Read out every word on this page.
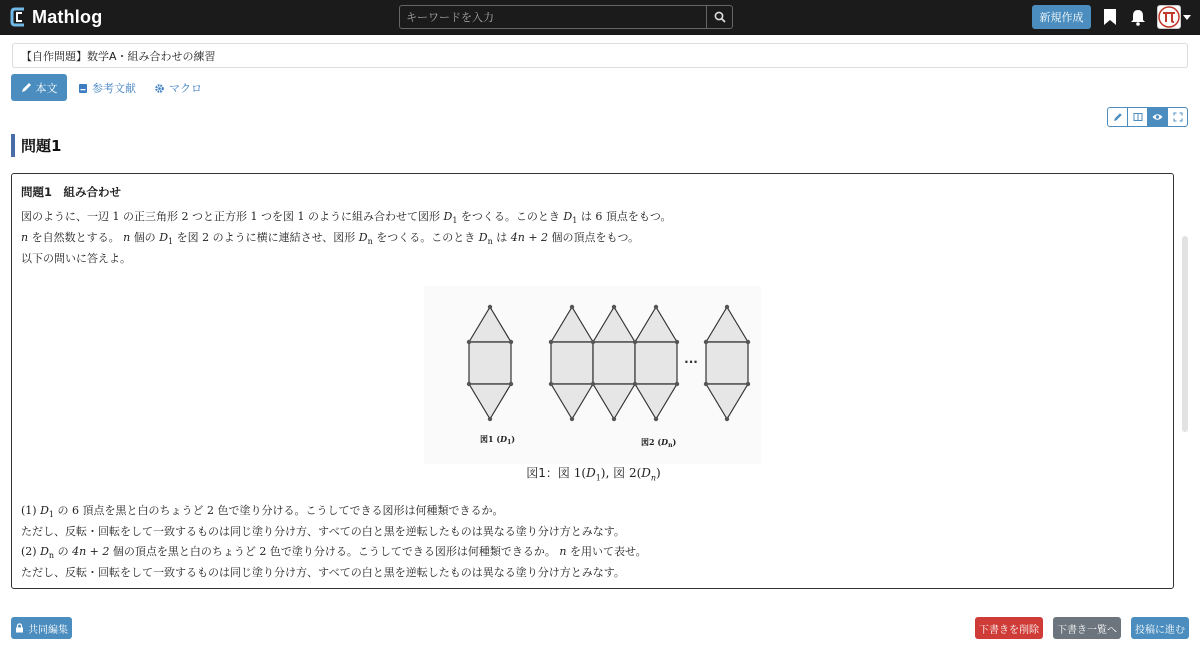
Mathlog
キーワードを入力	新規作成
【自作問題】数学A・組み合わせの練習
本文	参考文献	マクロ
問題1
問題1　組み合わせ
図のように、一辺 1 の正三角形 2 つと正方形 1 つを図 1 のように組み合わせて図形 $D_1$ をつくる。このとき $D_1$ は 6 頂点をもつ。
n を自然数とする。 n 個の $D_1$ を図 2 のように横に連結させ、図形 $D_n$ をつくる。このとき $D_n$ は 4n + 2 個の頂点をもつ。
以下の問いに答えよ。
···
図1 $(D_1)$	図2 $(D_n)$
図1：図 $1(D_1)$, 図 $2(D_n)$
(1) $D_1$ の 6 頂点を黒と白のちょうど 2 色で塗り分ける。こうしてできる図形は何種類できるか。
ただし、反転・回転をして一致するものは同じ塗り分け方、すべての白と黒を逆転したものは異なる塗り分け方とみなす。
(2) $D_n$ の 4n + 2 個の頂点を黒と白のちょうど 2 色で塗り分ける。こうしてできる図形は何種類できるか。 n を用いて表せ。
ただし、反転・回転をして一致するものは同じ塗り分け方、すべての白と黒を逆転したものは異なる塗り分け方とみなす。
共同編集	下書きを削除	下書き一覧へ	投稿に進む
